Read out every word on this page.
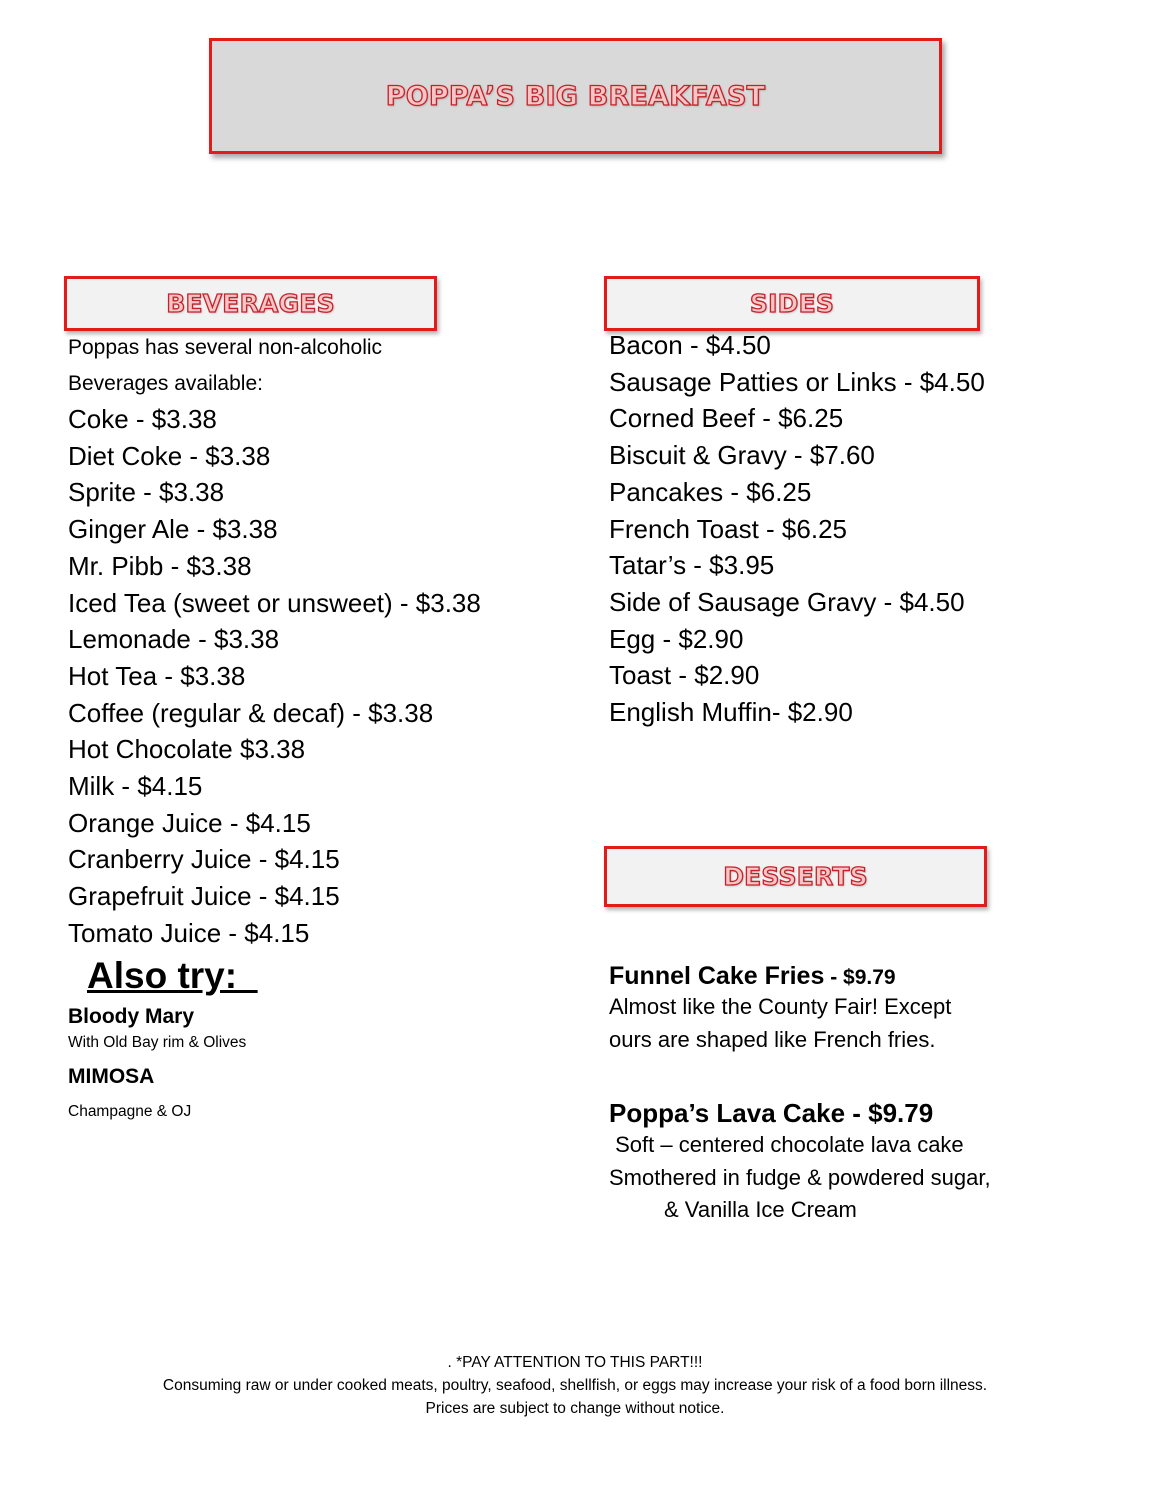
POPPA’S BIG BREAKFAST
BEVERAGES
Poppas has several non-alcoholic
Beverages available:
Coke - $3.38
Diet Coke - $3.38
Sprite - $3.38
Ginger Ale - $3.38
Mr. Pibb - $3.38
Iced Tea (sweet or unsweet) - $3.38
Lemonade - $3.38
Hot Tea - $3.38
Coffee (regular & decaf) - $3.38
Hot Chocolate $3.38
Milk - $4.15
Orange Juice - $4.15
Cranberry Juice - $4.15
Grapefruit Juice - $4.15
Tomato Juice - $4.15
Also try:
Bloody Mary
With Old Bay rim & Olives
MIMOSA
Champagne & OJ
SIDES
Bacon - $4.50
Sausage Patties or Links - $4.50
Corned Beef - $6.25
Biscuit & Gravy - $7.60
Pancakes - $6.25
French Toast - $6.25
Tatar’s - $3.95
Side of Sausage Gravy - $4.50
Egg - $2.90
Toast - $2.90
English Muffin- $2.90
DESSERTS
Funnel Cake Fries - $9.79
Almost like the County Fair! Except
ours are shaped like French fries.
Poppa’s Lava Cake - $9.79
Soft – centered chocolate lava cake
Smothered in fudge & powdered sugar,
& Vanilla Ice Cream
. *PAY ATTENTION TO THIS PART!!!
Consuming raw or under cooked meats, poultry, seafood, shellfish, or eggs may increase your risk of a food born illness.
Prices are subject to change without notice.
